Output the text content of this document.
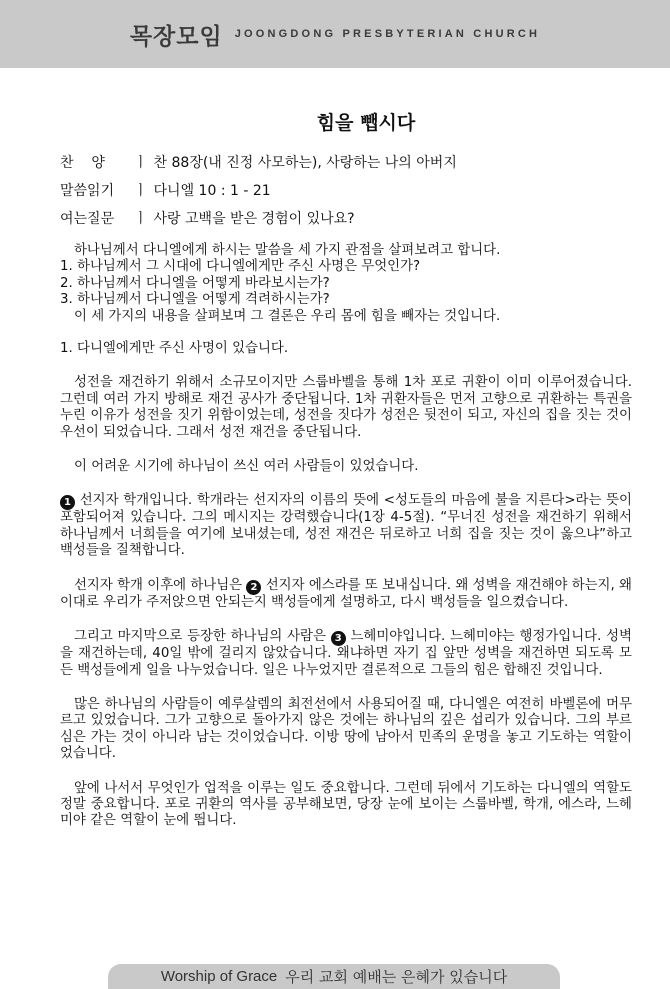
목장모임 JOONGDONG PRESBYTERIAN CHURCH
힘을 뺍시다
찬    양 ㅣ 찬 88장(내 진정 사모하는), 사랑하는 나의 아버지
말씀읽기 ㅣ 다니엘 10 : 1 - 21
여는질문 ㅣ 사랑 고백을 받은 경험이 있나요?

하나님께서 다니엘에게 하시는 말씀을 세 가지 관점을 살펴보려고 합니다.

1. 하나님께서 그 시대에 다니엘에게만 주신 사명은 무엇인가?

2. 하나님께서 다니엘을 어떻게 바라보시는가?

3. 하나님께서 다니엘을 어떻게 격려하시는가?

이 세 가지의 내용을 살펴보며 그 결론은 우리 몸에 힘을 빼자는 것입니다.

1. 다니엘에게만 주신 사명이 있습니다.

성전을 재건하기 위해서 소규모이지만 스룹바벨을 통해 1차 포로 귀환이 이미 이루어졌습니다. 그런데 여러 가지 방해로 재건 공사가 중단됩니다. 1차 귀환자들은 먼저 고향으로 귀환하는 특권을 누린 이유가 성전을 짓기 위함이었는데, 성전을 짓다가 성전은 뒷전이 되고, 자신의 집을 짓는 것이 우선이 되었습니다. 그래서 성전 재건을 중단됩니다.

이 어려운 시기에 하나님이 쓰신 여러 사람들이 있었습니다.

1 선지자 학개입니다. 학개라는 선지자의 이름의 뜻에 <성도들의 마음에 불을 지른다>라는 뜻이 포함되어져 있습니다. 그의 메시지는 강력했습니다(1장 4-5절). “무너진 성전을 재건하기 위해서 하나님께서 너희들을 여기에 보내셨는데, 성전 재건은 뒤로하고 너희 집을 짓는 것이 옳으냐”하고 백성들을 질책합니다.

선지자 학개 이후에 하나님은 2 선지자 에스라를 또 보내십니다. 왜 성벽을 재건해야 하는지, 왜 이대로 우리가 주저앉으면 안되는지 백성들에게 설명하고, 다시 백성들을 일으켰습니다.

그리고 마지막으로 등장한 하나님의 사람은 3 느헤미야입니다. 느헤미야는 행정가입니다. 성벽을 재건하는데, 40일 밖에 걸리지 않았습니다. 왜냐하면 자기 집 앞만 성벽을 재건하면 되도록 모든 백성들에게 일을 나누었습니다. 일은 나누었지만 결론적으로 그들의 힘은 합해진 것입니다.

많은 하나님의 사람들이 예루살렘의 최전선에서 사용되어질 때, 다니엘은 여전히 바벨론에 머무르고 있었습니다. 그가 고향으로 돌아가지 않은 것에는 하나님의 깊은 섭리가 있습니다. 그의 부르심은 가는 것이 아니라 남는 것이었습니다. 이방 땅에 남아서 민족의 운명을 놓고 기도하는 역할이었습니다.

앞에 나서서 무엇인가 업적을 이루는 일도 중요합니다. 그런데 뒤에서 기도하는 다니엘의 역할도 정말 중요합니다. 포로 귀환의 역사를 공부해보면, 당장 눈에 보이는 스룹바벨, 학개, 에스라, 느헤미야 같은 역할이 눈에 띕니다.

Worship of Grace 우리 교회 예배는 은혜가 있습니다
